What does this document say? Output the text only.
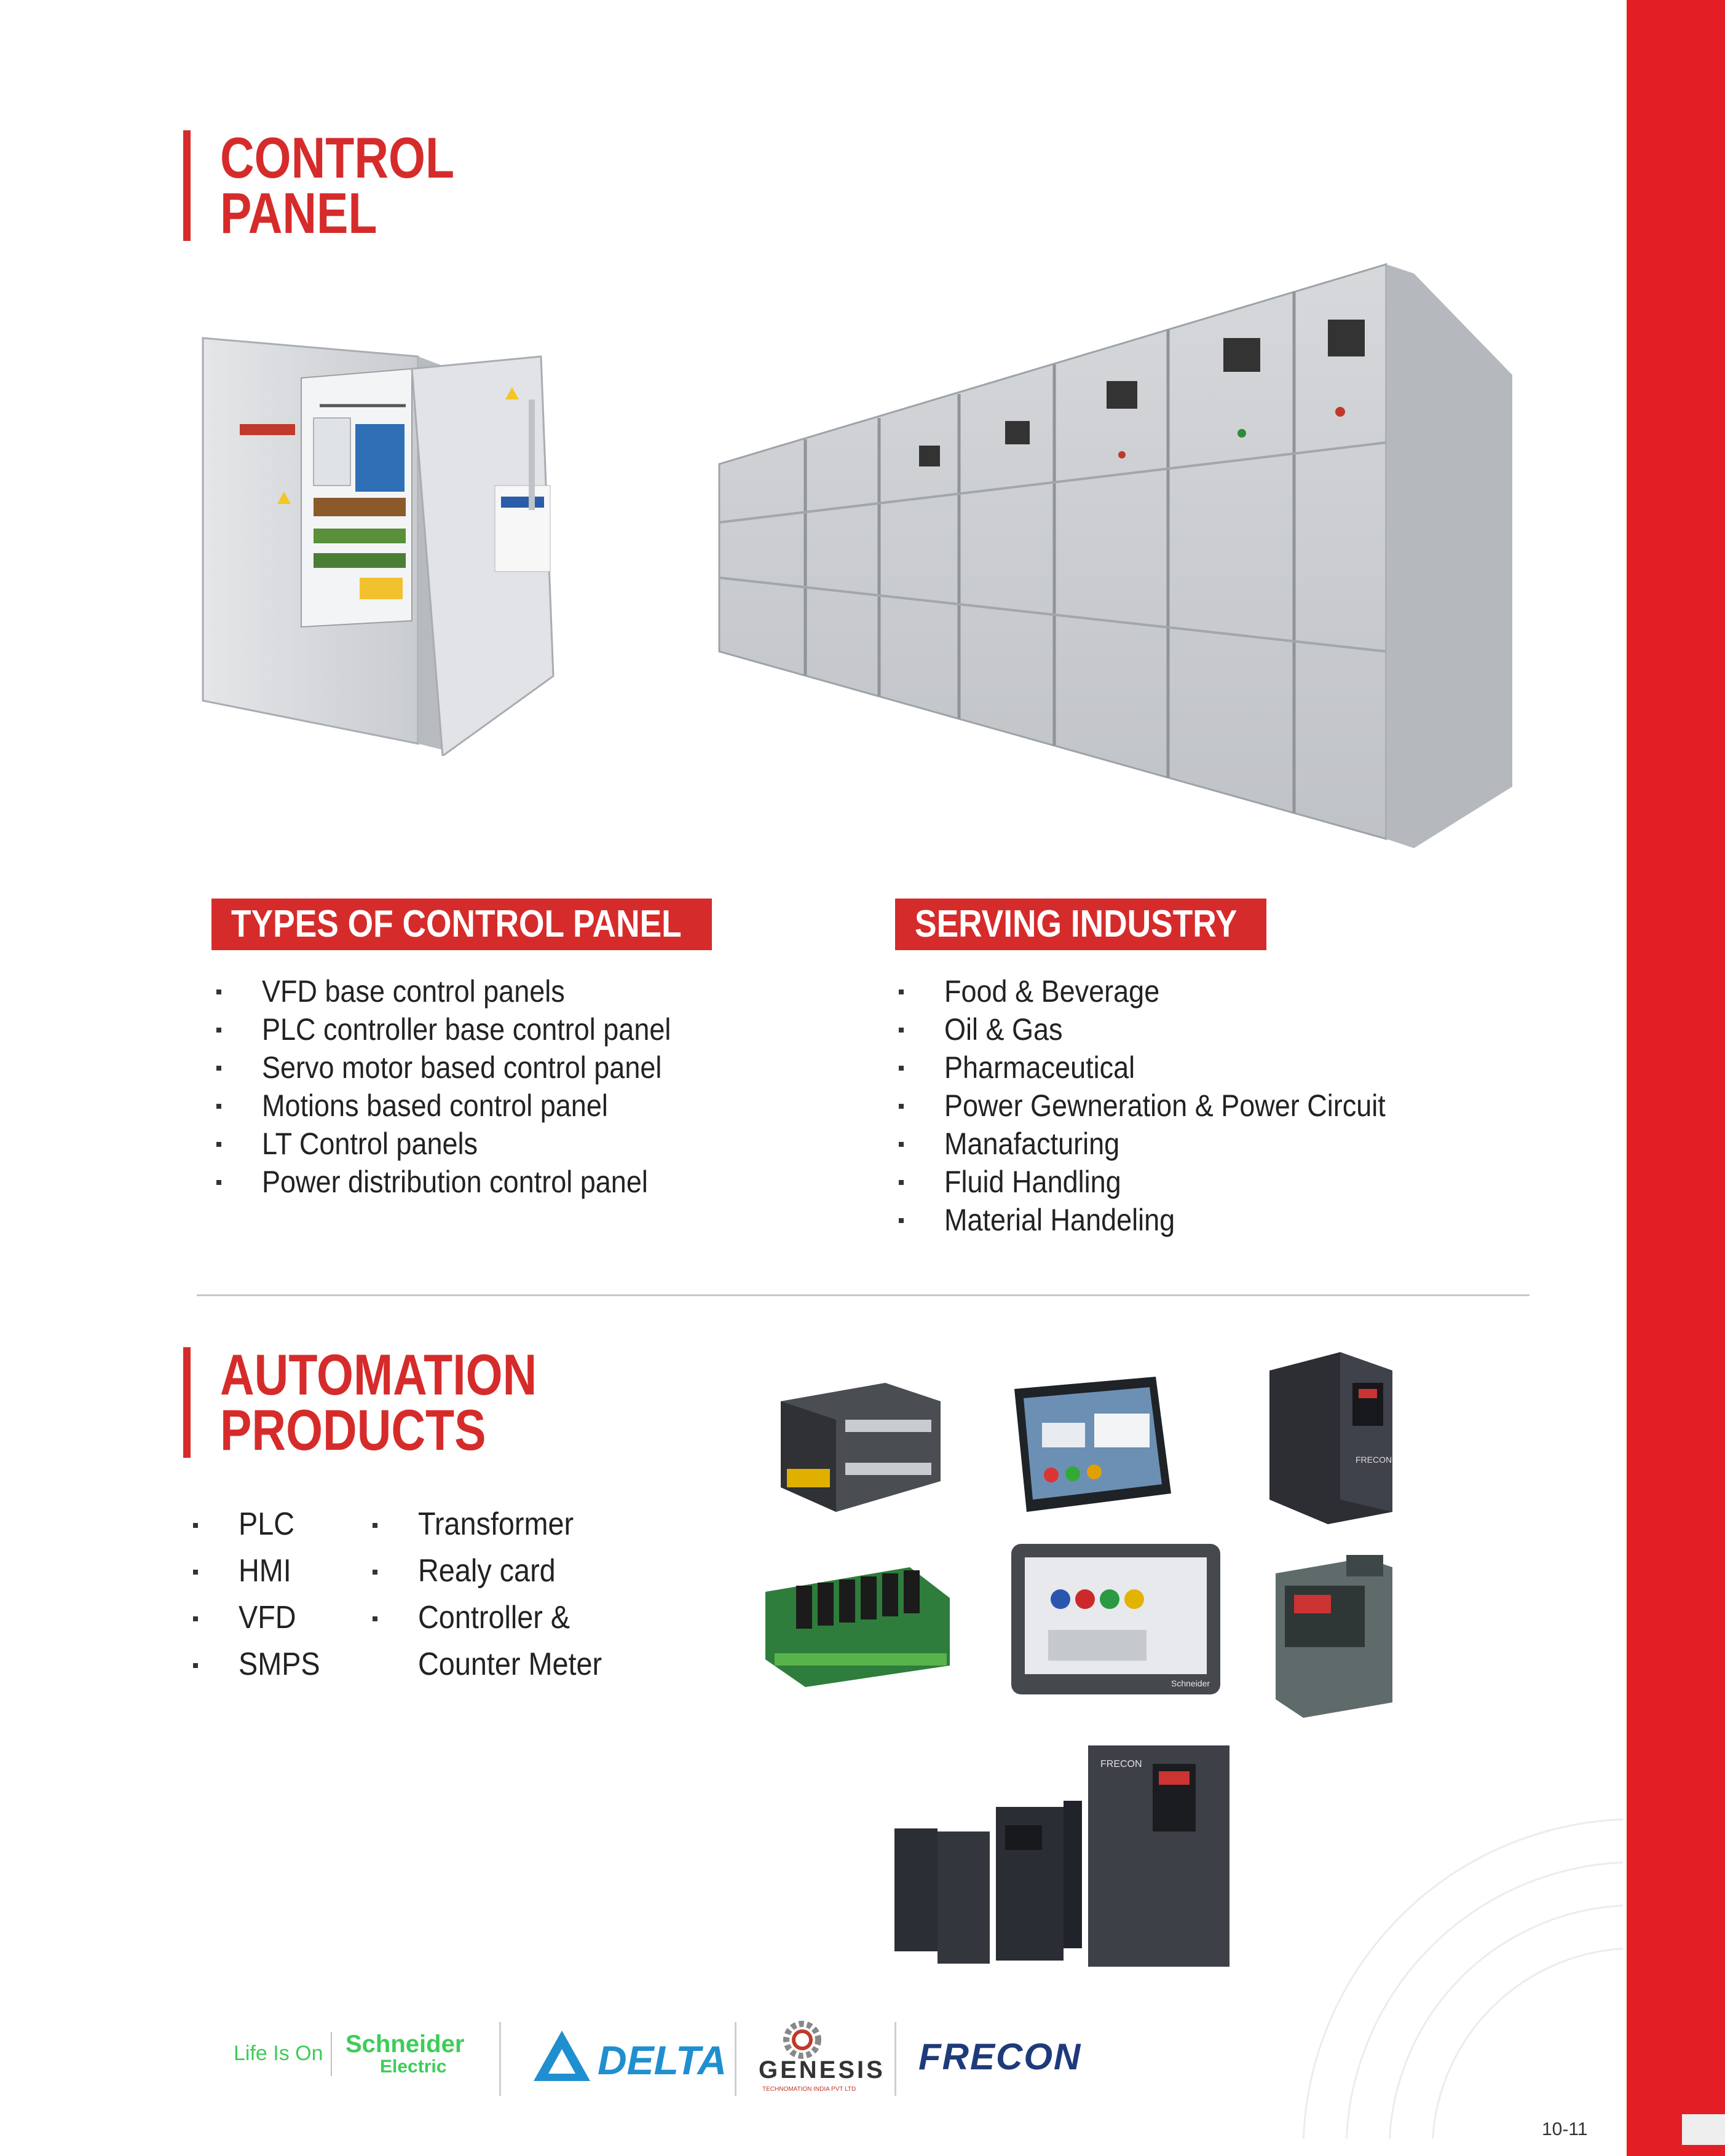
10-11
CONTROL
PANEL
TYPES OF CONTROL PANEL
VFD base control panels
PLC controller base control panel
Servo motor based control panel
Motions based control panel
LT Control panels
Power distribution control panel
SERVING INDUSTRY
Food & Beverage
Oil & Gas
Pharmaceutical
Power Gewneration & Power Circuit
Manafacturing
Fluid Handling
Material Handeling
AUTOMATION
PRODUCTS
PLC
HMI
VFD
SMPS
Transformer
Realy card
Controller &
Counter Meter
FRECON
Schneider
FRECON
Life Is On Schneider
Electric	DELTA GENESIS
TECHNOMATION INDIA PVT LTD
FRECON
